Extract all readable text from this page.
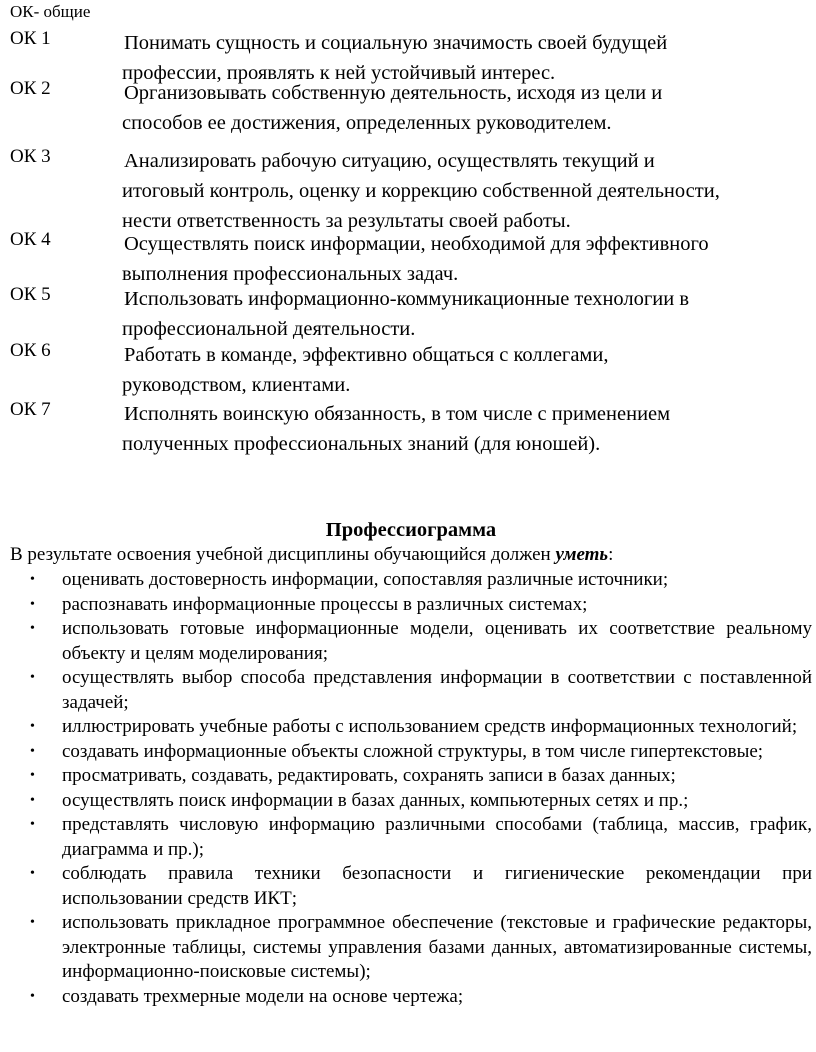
ОК- общие
ОК 1	Понимать сущность и социальную значимость своей будущей
профессии, проявлять к ней устойчивый интерес.
ОК 2	Организовывать собственную деятельность, исходя из цели и
способов ее достижения, определенных руководителем.
ОК 3	Анализировать рабочую ситуацию, осуществлять текущий и
итоговый контроль, оценку и коррекцию собственной деятельности,
нести ответственность за результаты своей работы.
ОК 4	Осуществлять поиск информации, необходимой для эффективного
выполнения профессиональных задач.
ОК 5	Использовать информационно-коммуникационные технологии в
профессиональной деятельности.
ОК 6	Работать в команде, эффективно общаться с коллегами,
руководством, клиентами.
ОК 7	Исполнять воинскую обязанность, в том числе с применением
полученных профессиональных знаний (для юношей).
Профессиограмма
В результате освоения учебной дисциплины обучающийся должен уметь:
• оценивать достоверность информации, сопоставляя различные источники;
• распознавать информационные процессы в различных системах;
• использовать готовые информационные модели, оценивать их соответствие реальному объекту и целям моделирования;
• осуществлять выбор способа представления информации в соответствии с поставленной задачей;
• иллюстрировать учебные работы с использованием средств информационных технологий;
• создавать информационные объекты сложной структуры, в том числе гипертекстовые;
• просматривать, создавать, редактировать, сохранять записи в базах данных;
• осуществлять поиск информации в базах данных, компьютерных сетях и пр.;
• представлять числовую информацию различными способами (таблица, массив, график, диаграмма и пр.);
• соблюдать правила техники безопасности и гигиенические рекомендации при использовании средств ИКТ;
• использовать прикладное программное обеспечение (текстовые и графические редакторы, электронные таблицы, системы управления базами данных, автоматизированные системы, информационно-поисковые системы);
• создавать трехмерные модели на основе чертежа;
